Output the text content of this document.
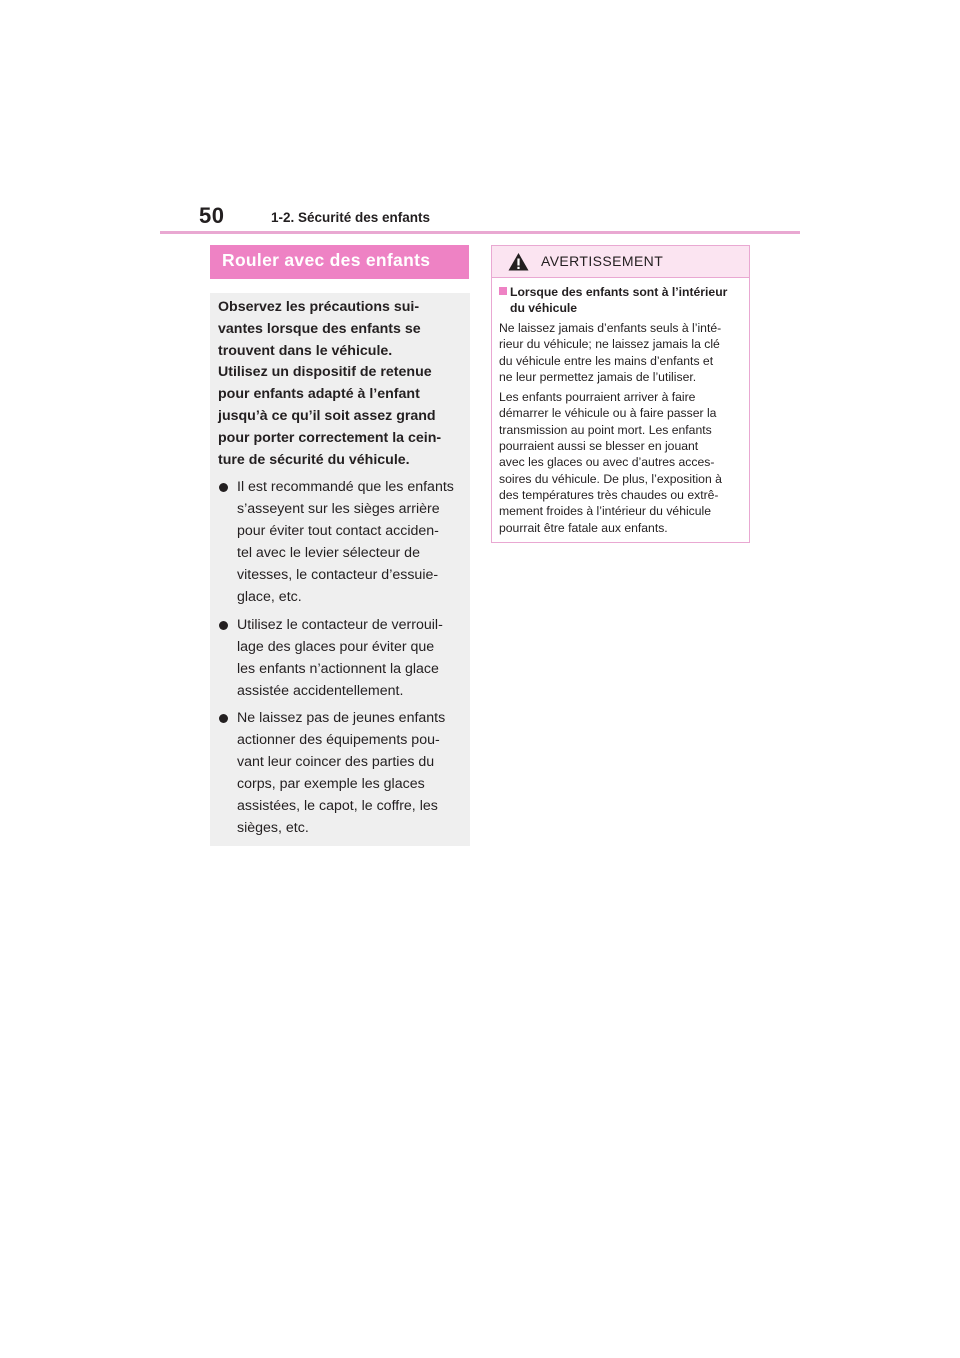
50	1-2. Sécurité des enfants
Rouler avec des enfants

Observez les précautions sui-
vantes lorsque des enfants se
trouvent dans le véhicule.
Utilisez un dispositif de retenue
pour enfants adapté à l’enfant
jusqu’à ce qu’il soit assez grand
pour porter correctement la cein-
ture de sécurité du véhicule.

Il est recommandé que les enfants
s’asseyent sur les sièges arrière
pour éviter tout contact acciden-
tel avec le levier sélecteur de
vitesses, le contacteur d’essuie-
glace, etc.
Utilisez le contacteur de verrouil-
lage des glaces pour éviter que
les enfants n’actionnent la glace
assistée accidentellement.
Ne laissez pas de jeunes enfants
actionner des équipements pou-
vant leur coincer des parties du
corps, par exemple les glaces
assistées, le capot, le coffre, les
sièges, etc.
AVERTISSEMENT

Lorsque des enfants sont à l’intérieur
du véhicule

Ne laissez jamais d’enfants seuls à l’inté-
rieur du véhicule; ne laissez jamais la clé
du véhicule entre les mains d’enfants et
ne leur permettez jamais de l’utiliser.

Les enfants pourraient arriver à faire
démarrer le véhicule ou à faire passer la
transmission au point mort. Les enfants
pourraient aussi se blesser en jouant
avec les glaces ou avec d’autres acces-
soires du véhicule. De plus, l’exposition à
des températures très chaudes ou extrê-
mement froides à l’intérieur du véhicule
pourrait être fatale aux enfants.
